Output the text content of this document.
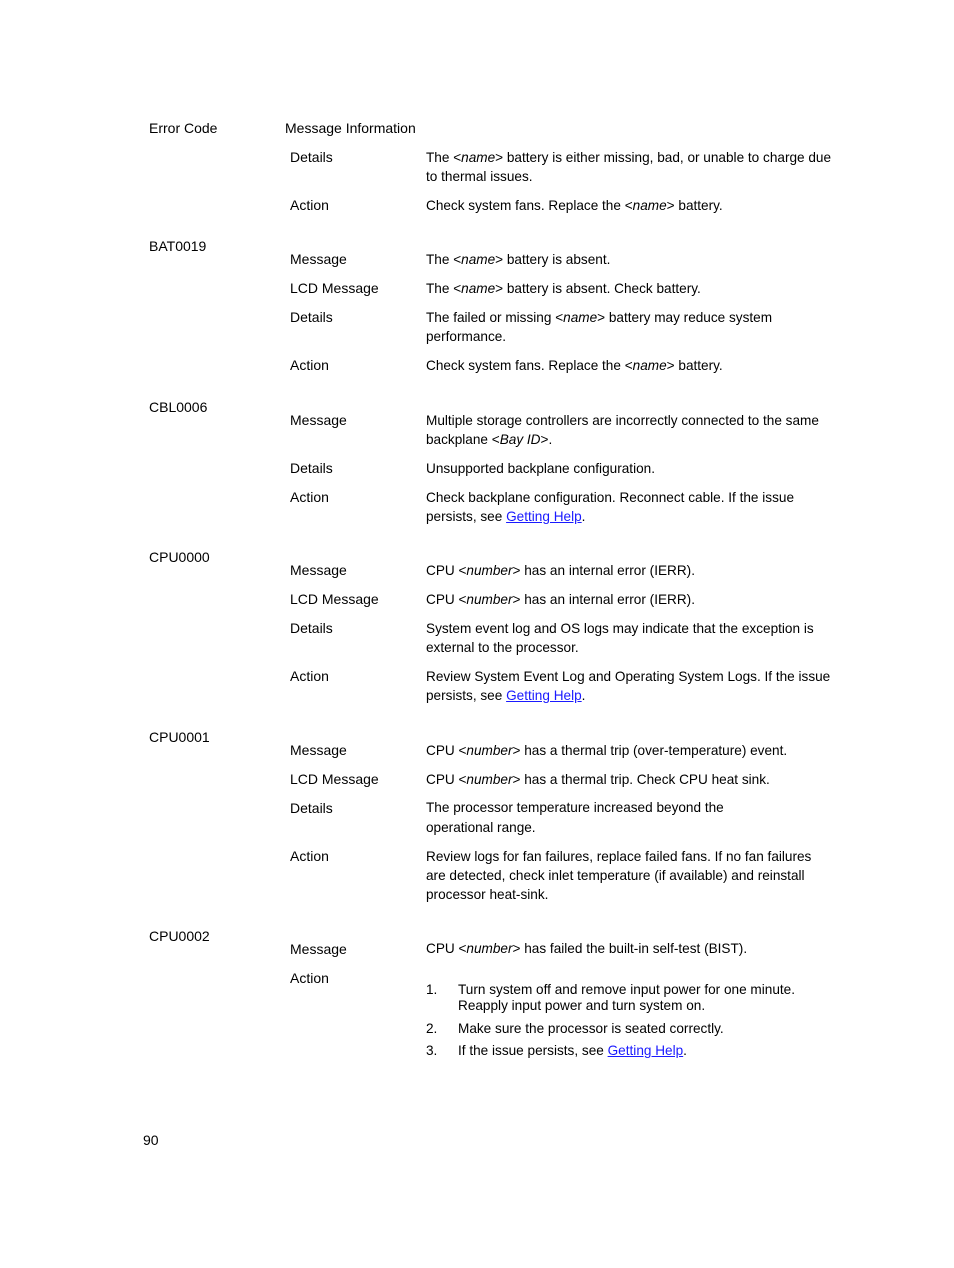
Error Code	Message Information
Details	The <name> battery is either missing, bad, or unable to charge due to thermal issues.
Action	Check system fans. Replace the <name> battery.
BAT0019
Message	The <name> battery is absent.
LCD Message	The <name> battery is absent. Check battery.
Details	The failed or missing <name> battery may reduce system performance.
Action	Check system fans. Replace the <name> battery.
CBL0006
Message	Multiple storage controllers are incorrectly connected to the same backplane <Bay ID>.
Details	Unsupported backplane configuration.
Action	Check backplane configuration. Reconnect cable. If the issue persists, see Getting Help.
CPU0000
Message	CPU <number> has an internal error (IERR).
LCD Message	CPU <number> has an internal error (IERR).
Details	System event log and OS logs may indicate that the exception is external to the processor.
Action	Review System Event Log and Operating System Logs. If the issue persists, see Getting Help.
CPU0001
Message	CPU <number> has a thermal trip (over-temperature) event.
LCD Message	CPU <number> has a thermal trip. Check CPU heat sink.
Details	The processor temperature increased beyond the operational range.
Action	Review logs for fan failures, replace failed fans. If no fan failures are detected, check inlet temperature (if available) and reinstall processor heat-sink.
CPU0002
Message	CPU <number> has failed the built-in self-test (BIST).
Action
1. Turn system off and remove input power for one minute. Reapply input power and turn system on.
2. Make sure the processor is seated correctly.
3. If the issue persists, see Getting Help.
90
